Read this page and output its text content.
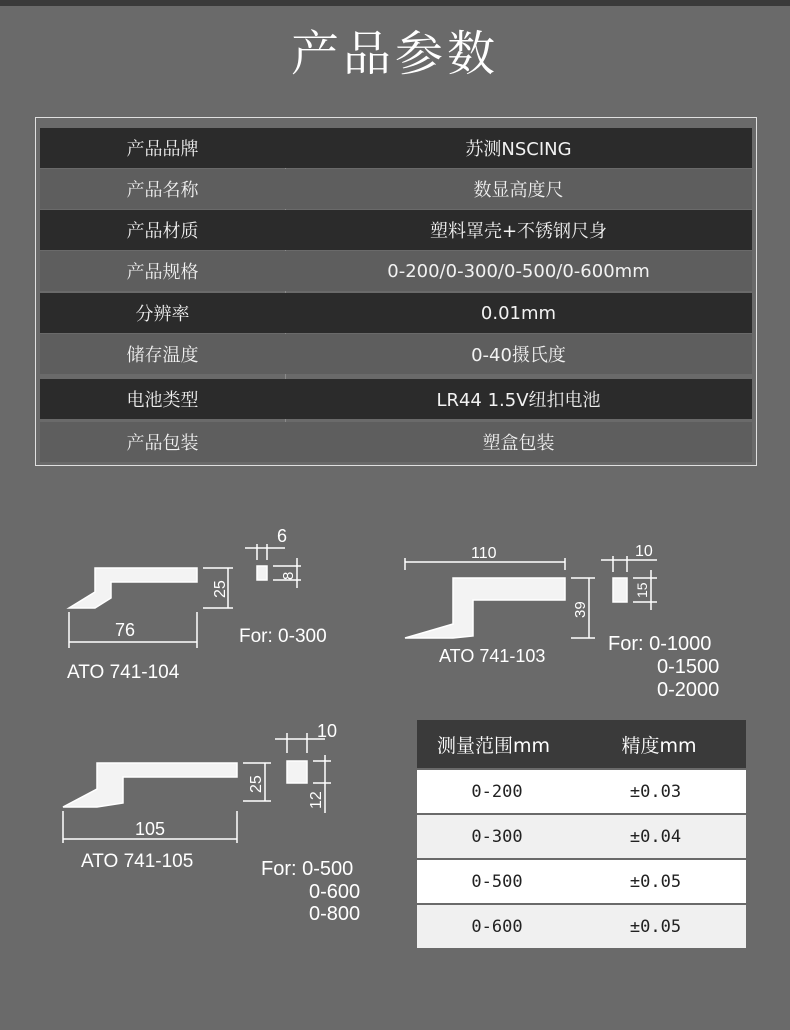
产品参数
产品品牌	苏测NSCING
产品名称	数显高度尺
产品材质	塑料罩壳+不锈钢尺身
产品规格	0-200/0-300/0-500/0-600mm
分辨率	0.01mm
储存温度	0-40摄氏度
电池类型	LR44 1.5V纽扣电池
产品包装	塑盒包装
76
25
6
8
ATO 741-104
For: 0-300
110
39
10
15
ATO 741-103
For: 0-1000
0-1500
0-2000
105
25
10
12
ATO 741-105	For: 0-500
0-600
0-800
测量范围mm	精度mm
0-200	±0.03
0-300	±0.04
0-500	±0.05
0-600	±0.05
